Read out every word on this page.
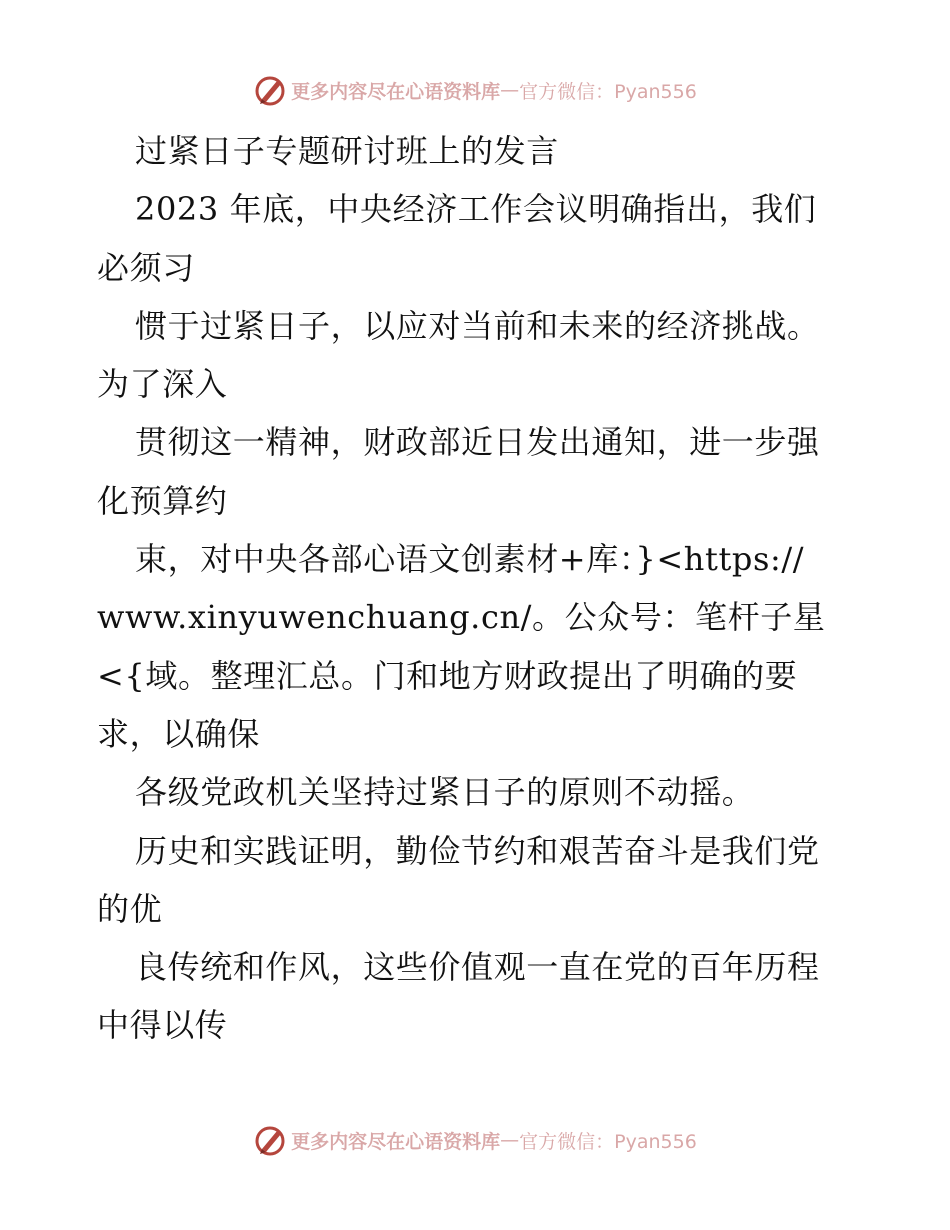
更多内容尽在心语资料库 — 官方微信：Pyan556
过紧日子专题研讨班上的发言
2023 年底，中央经济工作会议明确指出，我们
必须习
惯于过紧日子，以应对当前和未来的经济挑战。
为了深入
贯彻这一精神，财政部近日发出通知，进一步强
化预算约
束，对中央各部心语文创素材+库：}<https://
www.xinyuwenchuang.cn/。公众号：笔杆子星
<{域。整理汇总。门和地方财政提出了明确的要
求，以确保
各级党政机关坚持过紧日子的原则不动摇。
历史和实践证明，勤俭节约和艰苦奋斗是我们党
的优
良传统和作风，这些价值观一直在党的百年历程
中得以传
更多内容尽在心语资料库 — 官方微信：Pyan556
